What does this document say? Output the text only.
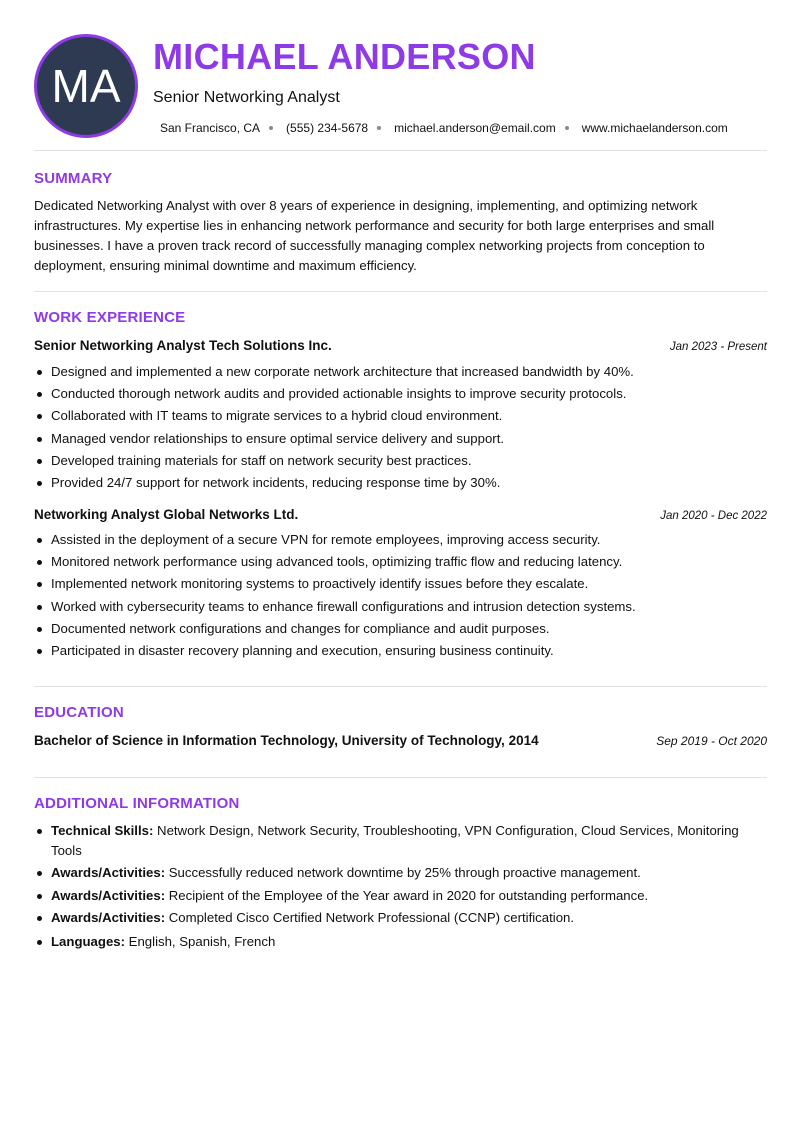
MA
MICHAEL ANDERSON
Senior Networking Analyst
San Francisco, CA (555) 234-5678 michael.anderson@email.com www.michaelanderson.com
SUMMARY
Dedicated Networking Analyst with over 8 years of experience in designing, implementing, and optimizing network infrastructures. My expertise lies in enhancing network performance and security for both large enterprises and small businesses. I have a proven track record of successfully managing complex networking projects from conception to deployment, ensuring minimal downtime and maximum efficiency.
WORK EXPERIENCE
Senior Networking Analyst Tech Solutions Inc.	Jan 2023 - Present
Designed and implemented a new corporate network architecture that increased bandwidth by 40%.
Conducted thorough network audits and provided actionable insights to improve security protocols.
Collaborated with IT teams to migrate services to a hybrid cloud environment.
Managed vendor relationships to ensure optimal service delivery and support.
Developed training materials for staff on network security best practices.
Provided 24/7 support for network incidents, reducing response time by 30%.
Networking Analyst Global Networks Ltd.	Jan 2020 - Dec 2022
Assisted in the deployment of a secure VPN for remote employees, improving access security.
Monitored network performance using advanced tools, optimizing traffic flow and reducing latency.
Implemented network monitoring systems to proactively identify issues before they escalate.
Worked with cybersecurity teams to enhance firewall configurations and intrusion detection systems.
Documented network configurations and changes for compliance and audit purposes.
Participated in disaster recovery planning and execution, ensuring business continuity.
EDUCATION
Bachelor of Science in Information Technology, University of Technology, 2014	Sep 2019 - Oct 2020
ADDITIONAL INFORMATION
Technical Skills: Network Design, Network Security, Troubleshooting, VPN Configuration, Cloud Services, Monitoring Tools
Awards/Activities: Successfully reduced network downtime by 25% through proactive management.
Awards/Activities: Recipient of the Employee of the Year award in 2020 for outstanding performance.
Awards/Activities: Completed Cisco Certified Network Professional (CCNP) certification.
Languages: English, Spanish, French
